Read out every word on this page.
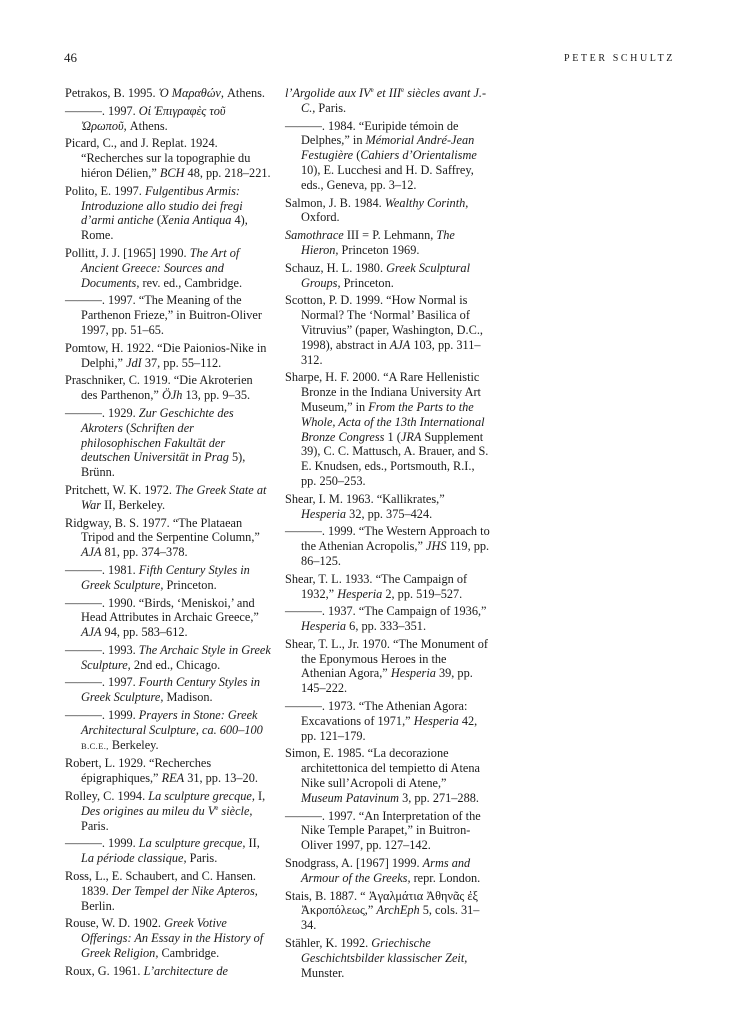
46	PETER SCHULTZ

Petrakos, B. 1995. Ὁ Μαραθών, Athens.

———. 1997. Οἱ Ἐπιγραφὲς τοῦ Ὠρωποῦ, Athens.

Picard, C., and J. Replat. 1924. “Recherches sur la topographie du hiéron Délien,” BCH 48, pp. 218–221.

Polito, E. 1997. Fulgentibus Armis: Introduzione allo studio dei fregi d’armi antiche (Xenia Antiqua 4), Rome.

Pollitt, J. J. [1965] 1990. The Art of Ancient Greece: Sources and Documents, rev. ed., Cambridge.

———. 1997. “The Meaning of the Parthenon Frieze,” in Buitron-Oliver 1997, pp. 51–65.

Pomtow, H. 1922. “Die Paionios-Nike in Delphi,” JdI 37, pp. 55–112.

Praschniker, C. 1919. “Die Akroterien des Parthenon,” ÖJh 13, pp. 9–35.

———. 1929. Zur Geschichte des Akroters (Schriften der philosophischen Fakultät der deutschen Universität in Prag 5), Brünn.

Pritchett, W. K. 1972. The Greek State at War II, Berkeley.

Ridgway, B. S. 1977. “The Plataean Tripod and the Serpentine Column,” AJA 81, pp. 374–378.

———. 1981. Fifth Century Styles in Greek Sculpture, Princeton.

———. 1990. “Birds, ‘Meniskoi,’ and Head Attributes in Archaic Greece,” AJA 94, pp. 583–612.

———. 1993. The Archaic Style in Greek Sculpture, 2nd ed., Chicago.

———. 1997. Fourth Century Styles in Greek Sculpture, Madison.

———. 1999. Prayers in Stone: Greek Architectural Sculpture, ca. 600–100 B.C.E., Berkeley.

Robert, L. 1929. “Recherches épigraphiques,” REA 31, pp. 13–20.

Rolley, C. 1994. La sculpture grecque, I, Des origines au mileu du Ve siècle, Paris.

———. 1999. La sculpture grecque, II, La période classique, Paris.

Ross, L., E. Schaubert, and C. Hansen. 1839. Der Tempel der Nike Apteros, Berlin.

Rouse, W. D. 1902. Greek Votive Offerings: An Essay in the History of Greek Religion, Cambridge.

Roux, G. 1961. L’architecture de

l’Argolide aux IVe et IIIe siècles avant J.-C., Paris.

———. 1984. “Euripide témoin de Delphes,” in Mémorial André-Jean Festugière (Cahiers d’Orientalisme 10), E. Lucchesi and H. D. Saffrey, eds., Geneva, pp. 3–12.

Salmon, J. B. 1984. Wealthy Corinth, Oxford.

Samothrace III = P. Lehmann, The Hieron, Princeton 1969.

Schauz, H. L. 1980. Greek Sculptural Groups, Princeton.

Scotton, P. D. 1999. “How Normal is Normal? The ‘Normal’ Basilica of Vitruvius” (paper, Washington, D.C., 1998), abstract in AJA 103, pp. 311–312.

Sharpe, H. F. 2000. “A Rare Hellenistic Bronze in the Indiana University Art Museum,” in From the Parts to the Whole, Acta of the 13th International Bronze Congress 1 (JRA Supplement 39), C. C. Mattusch, A. Brauer, and S. E. Knudsen, eds., Portsmouth, R.I., pp. 250–253.

Shear, I. M. 1963. “Kallikrates,” Hesperia 32, pp. 375–424.

———. 1999. “The Western Approach to the Athenian Acropolis,” JHS 119, pp. 86–125.

Shear, T. L. 1933. “The Campaign of 1932,” Hesperia 2, pp. 519–527.

———. 1937. “The Campaign of 1936,” Hesperia 6, pp. 333–351.

Shear, T. L., Jr. 1970. “The Monument of the Eponymous Heroes in the Athenian Agora,” Hesperia 39, pp. 145–222.

———. 1973. “The Athenian Agora: Excavations of 1971,” Hesperia 42, pp. 121–179.

Simon, E. 1985. “La decorazione architettonica del tempietto di Atena Nike sull’Acropoli di Atene,” Museum Patavinum 3, pp. 271–288.

———. 1997. “An Interpretation of the Nike Temple Parapet,” in Buitron-Oliver 1997, pp. 127–142.

Snodgrass, A. [1967] 1999. Arms and Armour of the Greeks, repr. London.

Stais, B. 1887. “ Ἀγαλμάτια Ἀθηνᾶς ἐξ Ἀκροπόλεως,” ArchEph 5, cols. 31–34.

Stähler, K. 1992. Griechische Geschichtsbilder klassischer Zeit, Munster.
